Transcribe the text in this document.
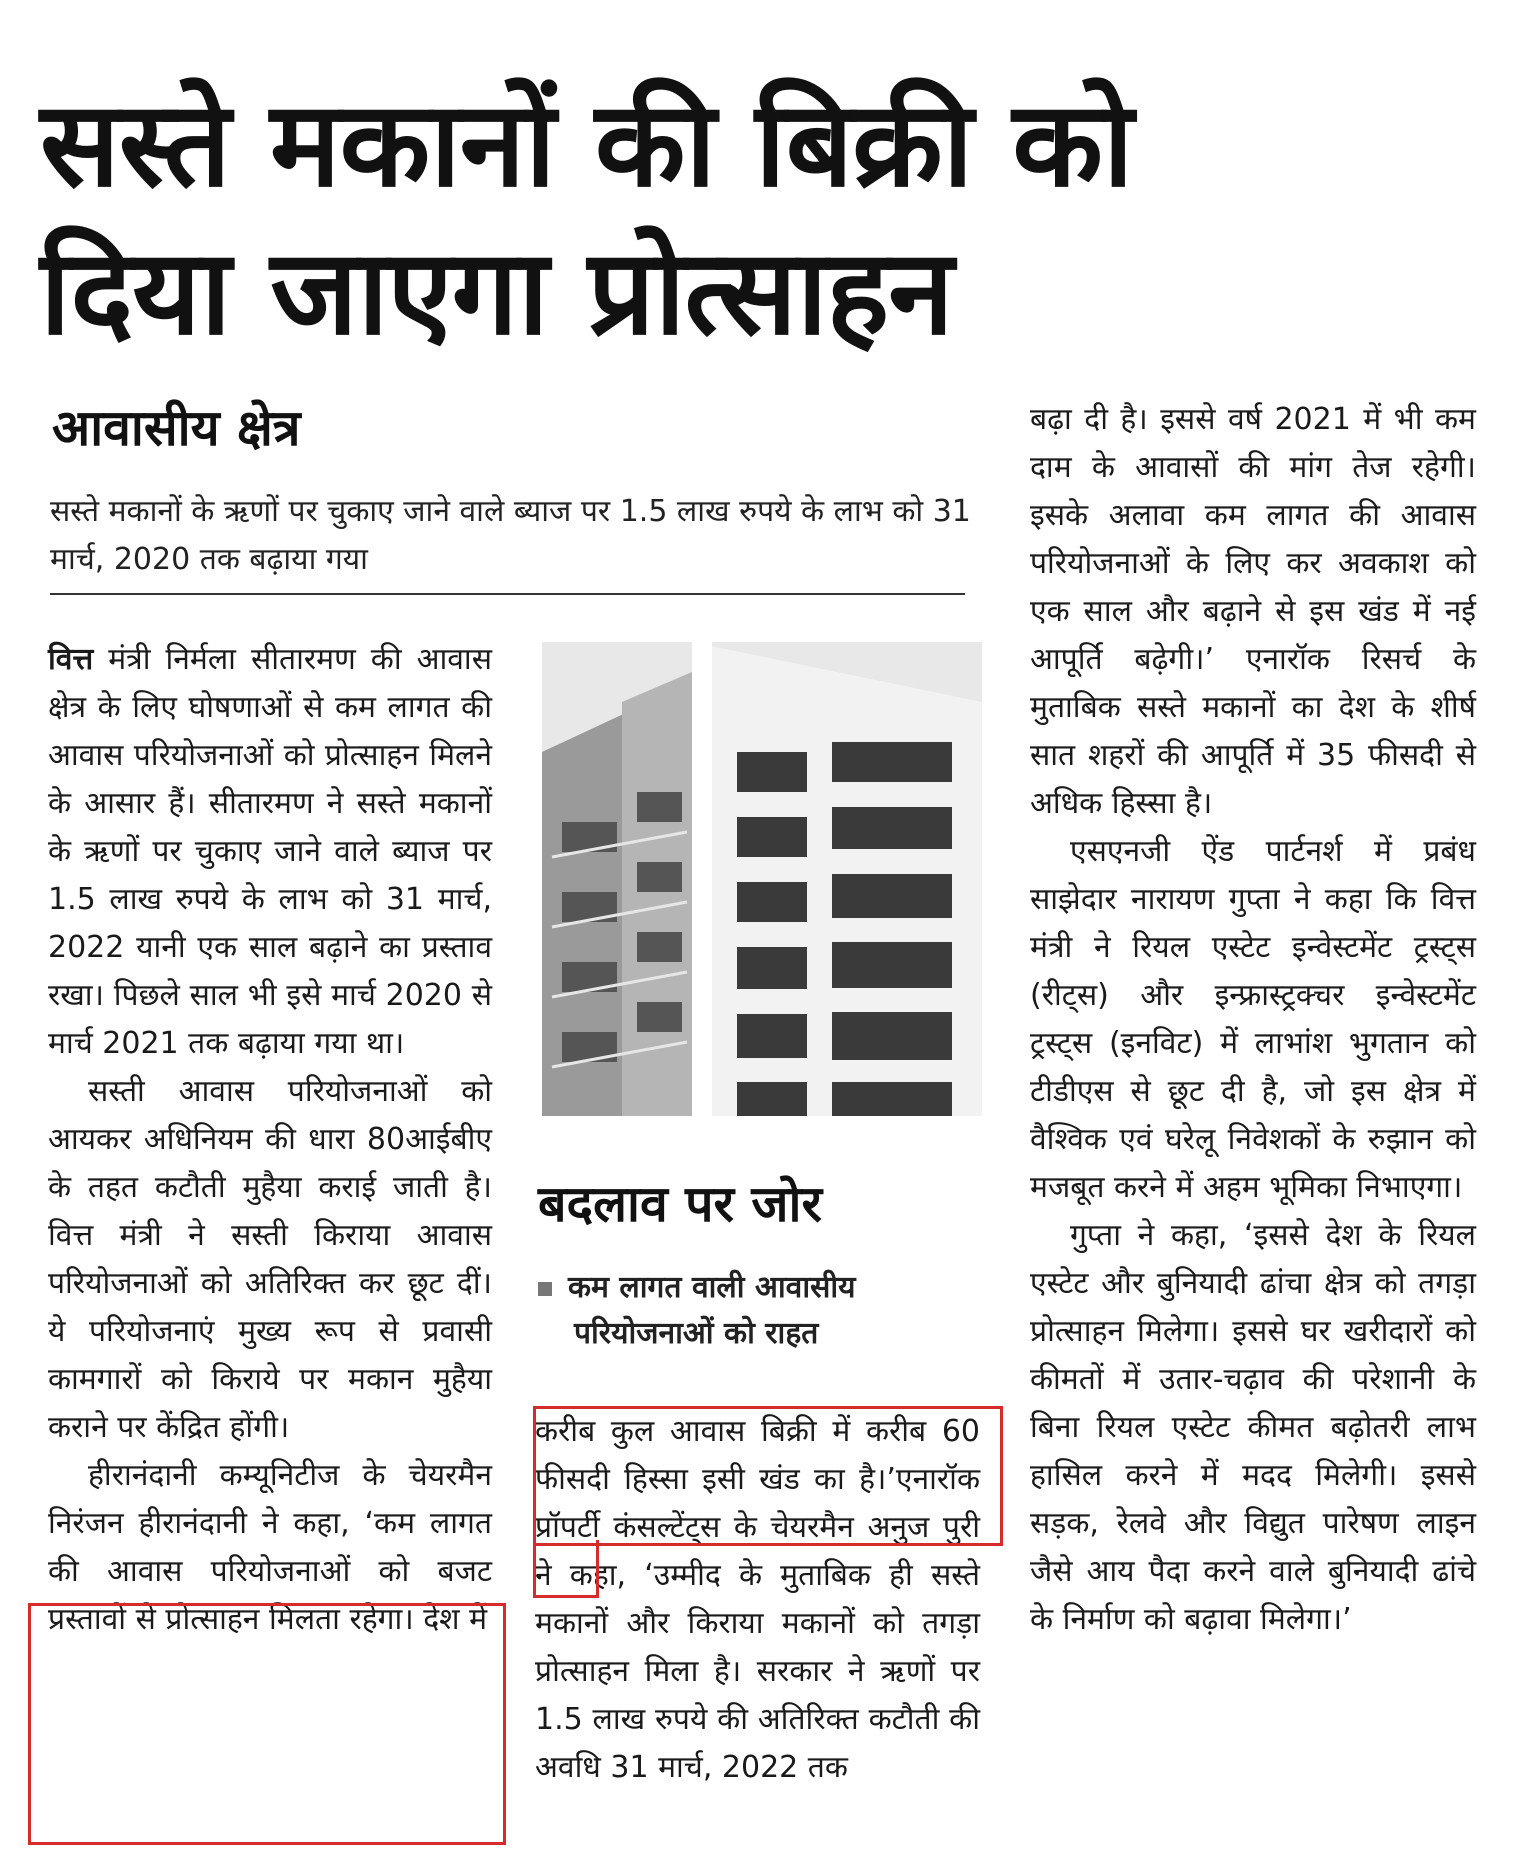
सस्ते मकानों की बिक्री को
दिया जाएगा प्रोत्साहन
आवासीय क्षेत्र
सस्ते मकानों के ऋणों पर चुकाए जाने वाले ब्याज पर 1.5 लाख रुपये के लाभ को 31 मार्च, 2020 तक बढ़ाया गया

वित्त मंत्री निर्मला सीतारमण की आवास क्षेत्र के लिए घोषणाओं से कम लागत की आवास परियोजनाओं को प्रोत्साहन मिलने के आसार हैं। सीतारमण ने सस्ते मकानों के ऋणों पर चुकाए जाने वाले ब्याज पर 1.5 लाख रुपये के लाभ को 31 मार्च, 2022 यानी एक साल बढ़ाने का प्रस्ताव रखा। पिछले साल भी इसे मार्च 2020 से मार्च 2021 तक बढ़ाया गया था।

सस्ती आवास परियोजनाओं को आयकर अधिनियम की धारा 80आईबीए के तहत कटौती मुहैया कराई जाती है। वित्त मंत्री ने सस्ती किराया आवास परियोजनाओं को अतिरिक्त कर छूट दीं। ये परियोजनाएं मुख्य रूप से प्रवासी कामगारों को किराये पर मकान मुहैया कराने पर केंद्रित होंगी।

हीरानंदानी कम्यूनिटीज के चेयरमैन निरंजन हीरानंदानी ने कहा, ‘कम लागत की आवास परियोजनाओं को बजट प्रस्तावों से प्रोत्साहन मिलता रहेगा। देश में

बदलाव पर जोर
कम लागत वाली आवासीय
परियोजनाओं को राहत

करीब कुल आवास बिक्री में करीब 60 फीसदी हिस्सा इसी खंड का है।’एनारॉक प्रॉपर्टी कंसल्टेंट्स के चेयरमैन अनुज पुरी ने कहा, ‘उम्मीद के मुताबिक ही सस्ते मकानों और किराया मकानों को तगड़ा प्रोत्साहन मिला है। सरकार ने ऋणों पर 1.5 लाख रुपये की अतिरिक्त कटौती की अवधि 31 मार्च, 2022 तक

बढ़ा दी है। इससे वर्ष 2021 में भी कम दाम के आवासों की मांग तेज रहेगी। इसके अलावा कम लागत की आवास परियोजनाओं के लिए कर अवकाश को एक साल और बढ़ाने से इस खंड में नई आपूर्ति बढ़ेगी।’ एनारॉक रिसर्च के मुताबिक सस्ते मकानों का देश के शीर्ष सात शहरों की आपूर्ति में 35 फीसदी से अधिक हिस्सा है।

एसएनजी ऐंड पार्टनर्श में प्रबंध साझेदार नारायण गुप्ता ने कहा कि वित्त मंत्री ने रियल एस्टेट इन्वेस्टमेंट ट्रस्ट्स (रीट्स) और इन्फ्रास्ट्रक्चर इन्वेस्टमेंट ट्रस्ट्स (इनविट) में लाभांश भुगतान को टीडीएस से छूट दी है, जो इस क्षेत्र में वैश्विक एवं घरेलू निवेशकों के रुझान को मजबूत करने में अहम भूमिका निभाएगा।

गुप्ता ने कहा, ‘इससे देश के रियल एस्टेट और बुनियादी ढांचा क्षेत्र को तगड़ा प्रोत्साहन मिलेगा। इससे घर खरीदारों को कीमतों में उतार-चढ़ाव की परेशानी के बिना रियल एस्टेट कीमत बढ़ोतरी लाभ हासिल करने में मदद मिलेगी। इससे सड़क, रेलवे और विद्युत पारेषण लाइन जैसे आय पैदा करने वाले बुनियादी ढांचे के निर्माण को बढ़ावा मिलेगा।’
